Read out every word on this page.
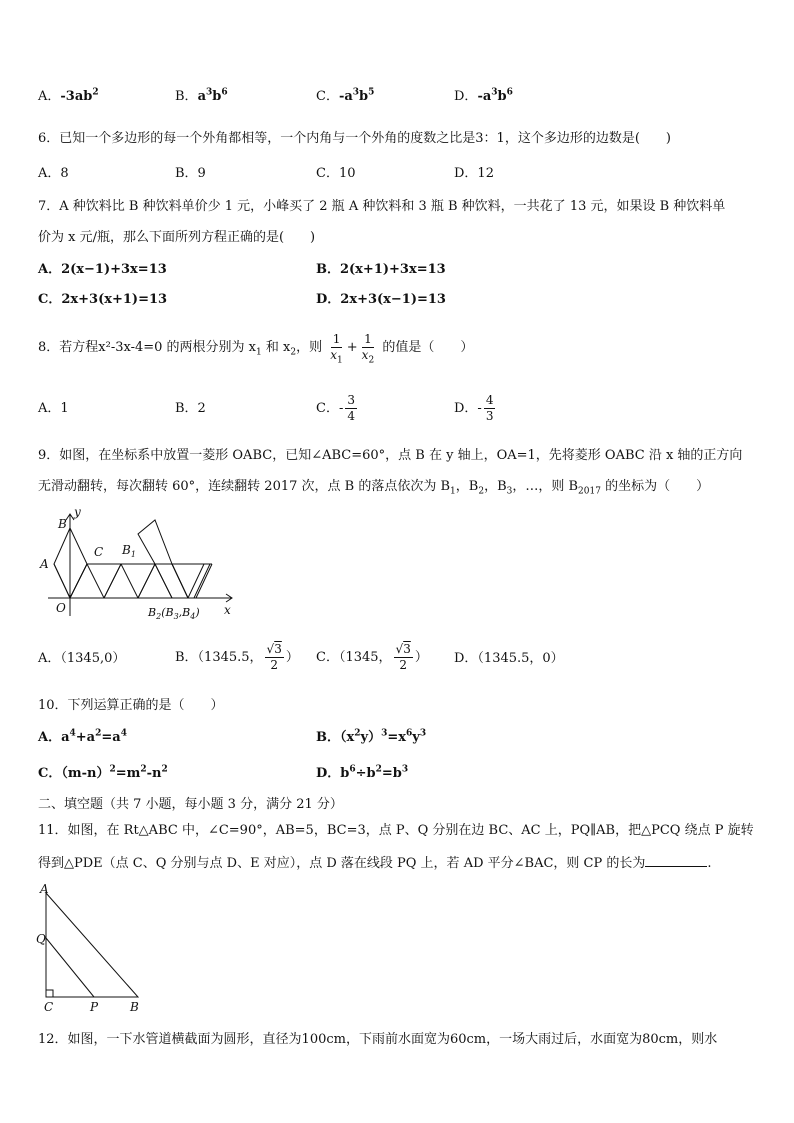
A．$-3ab^2$	B．$a^3b^6$	C．$-a^3b^5$	D．$-a^3b^6$
6．已知一个多边形的每一个外角都相等，一个内角与一个外角的度数之比是3：1，这个多边形的边数是(　　)
A．8	B．9	C．10	D．12
7．A 种饮料比 B 种饮料单价少 1 元，小峰买了 2 瓶 A 种饮料和 3 瓶 B 种饮料，一共花了 13 元，如果设 B 种饮料单
价为 x 元/瓶，那么下面所列方程正确的是(　　)
A．2(x−1)+3x=13	B．2(x+1)+3x=13
C．2x+3(x+1)=13	D．2x+3(x−1)=13
8．若方程x²-3x-4=0 的两根分别为 $x_1$ 和 $x_2$，则 $\frac{1}{x_1} + \frac{1}{x_2}$ 的值是（　　）
A．1	B．2	C．- $\frac{3}{4}$	D．- $\frac{4}{3}$
9．如图，在坐标系中放置一菱形 OABC，已知∠ABC=60°，点 B 在 y 轴上，OA=1，先将菱形 OABC 沿 x 轴的正方向
无滑动翻转，每次翻转 60°，连续翻转 2017 次，点 B 的落点依次为 $B_1$，$B_2$，$B_3$，…，则 $B_{2017}$ 的坐标为（　　）
B
y
A
C $B_1$
O	$B_2(B_3,B_4)$ x
A．（1345,0）	B．（1345.5， $\frac{√3}{2}$ ） C．（1345， $\frac{√3}{2}$ ） D．（1345.5，0）
10．下列运算正确的是（　　）
A．$a^4+a^2=a^4$	B．$(x^2y)^3=x^6y^3$
C．$(m-n)^2=m^2-n^2$	D．$b^6\div b^2=b^3$
二、填空题（共 7 小题，每小题 3 分，满分 21 分）
11．如图，在 Rt△ABC 中，∠C=90°，AB=5，BC=3，点 P、Q 分别在边 BC、AC 上，PQ∥AB，把△PCQ 绕点 P 旋转
得到△PDE（点 C、Q 分别与点 D、E 对应），点 D 落在线段 PQ 上，若 AD 平分∠BAC，则 CP 的长为	.
A
Q
C	P	B
12．如图，一下水管道横截面为圆形，直径为100cm，下雨前水面宽为60cm，一场大雨过后，水面宽为80cm，则水
